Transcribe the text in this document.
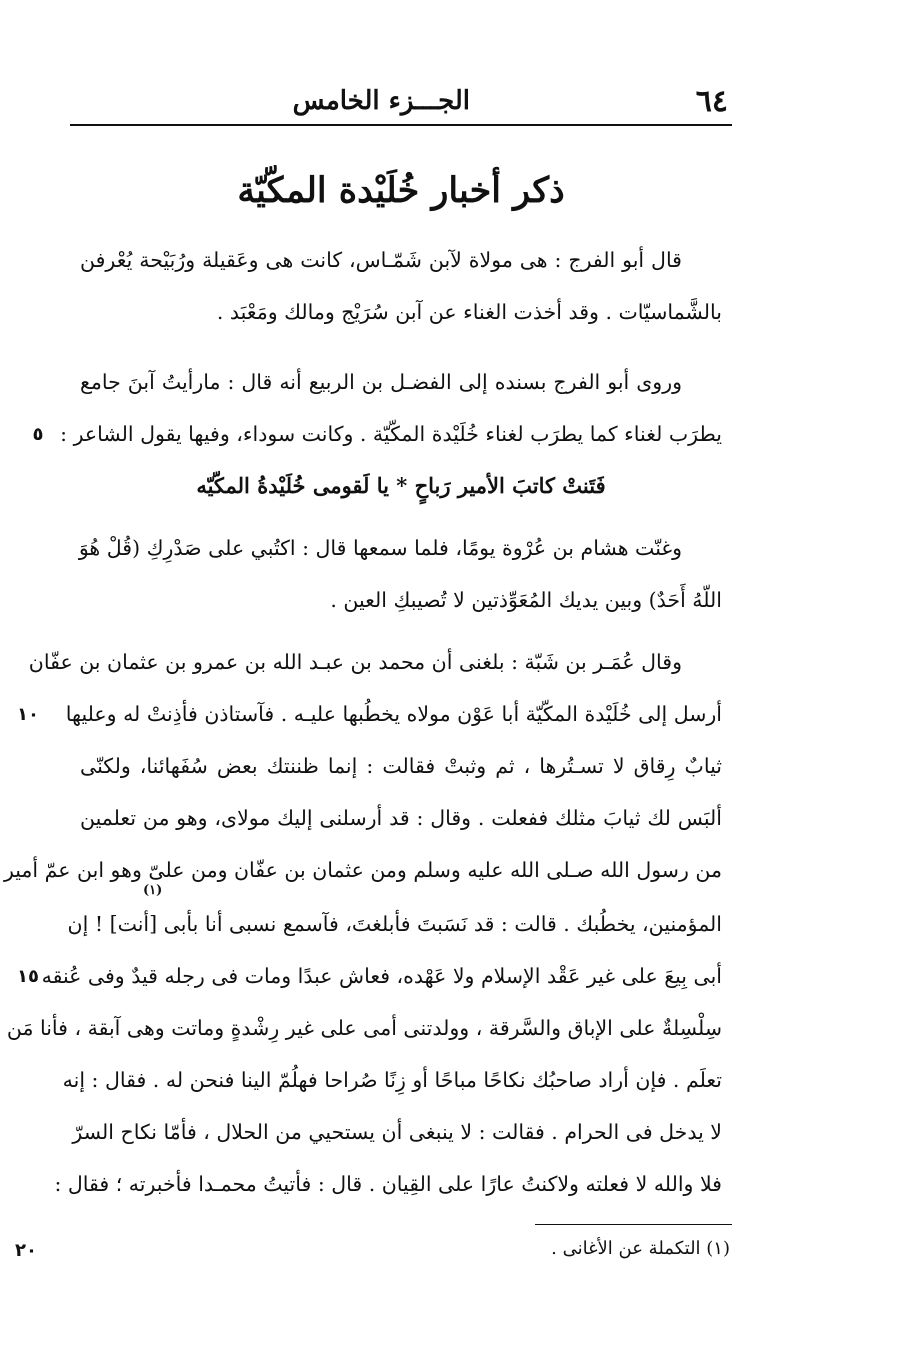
٦٤
الجـــزء الخامس
ذكر أخبار خُلَيْدة المكّيّة
قال أبو الفرج : هى مولاة لآبن شَمّـاس، كانت هى وعَقيلة ورُبَيْحة يُعْرفن
بالشَّماسيّات . وقد أخذت الغناء عن آبن سُرَيْج ومالك ومَعْبَد .
وروى أبو الفرج بسنده إلى الفضـل بن الربيع أنه قال : مارأيتُ آبنَ جامع
يطرَب لغناء كما يطرَب لغناء خُلَيْدة المكّيّة . وكانت سوداء، وفيها يقول الشاعر :
فَتَنتْ كاتبَ الأمير رَباحٍ * يا لَقومى خُلَيْدةُ المكّيّه
وغنّت هشام بن عُرْوة يومًا، فلما سمعها قال : اكتُبي على صَدْرِكِ (قُلْ هُوَ
اللّهُ أَحَدٌ) وبين يديك المُعَوِّذتين لا تُصيبكِ العين .
وقال عُمَـر بن شَبّة : بلغنى أن محمد بن عبـد الله بن عمرو بن عثمان بن عفّان
أرسل إلى خُلَيْدة المكّيّة أبا عَوْن مولاه يخطُبها عليـه . فآستاذن فأذِنتْ له وعليها
ثيابٌ رِقاق لا تسـتُرها ، ثم وثبتْ فقالت : إنما ظننتك بعض سُفَهائنا، ولكنّى
ألبَس لك ثيابَ مثلك ففعلت . وقال : قد أرسلنى إليك مولاى، وهو من تعلمين
من رسول الله صـلى الله عليه وسلم ومن عثمان بن عفّان ومن علىّ وهو ابن عمّ أمير
(١)
المؤمنين، يخطُبك . قالت : قد نَسَبتَ فأبلغتَ، فآسمع نسبى أنا بأبى [أنت] ! إن
أبى بِيعَ على غير عَقْد الإسلام ولا عَهْده، فعاش عبدًا ومات فى رجله قيدٌ وفى عُنقه
سِلْسِلةٌ على الإباق والسَّرقة ، وولدتنى أمى على غير رِشْدةٍ وماتت وهى آبقة ، فأنا مَن
تعلَم . فإن أراد صاحبُك نكاحًا مباحًا أو زِنًا صُراحا فهلُمّ الينا فنحن له . فقال : إنه
لا يدخل فى الحرام . فقالت : لا ينبغى أن يستحيي من الحلال ، فأمّا نكاح السرّ
فلا والله لا فعلته ولاكنتُ عارًا على القِيان . قال : فأتيتُ محمـدا فأخبرته ؛ فقال :
٥
١٠
١٥
٢٠	(١) التكملة عن الأغانى .
